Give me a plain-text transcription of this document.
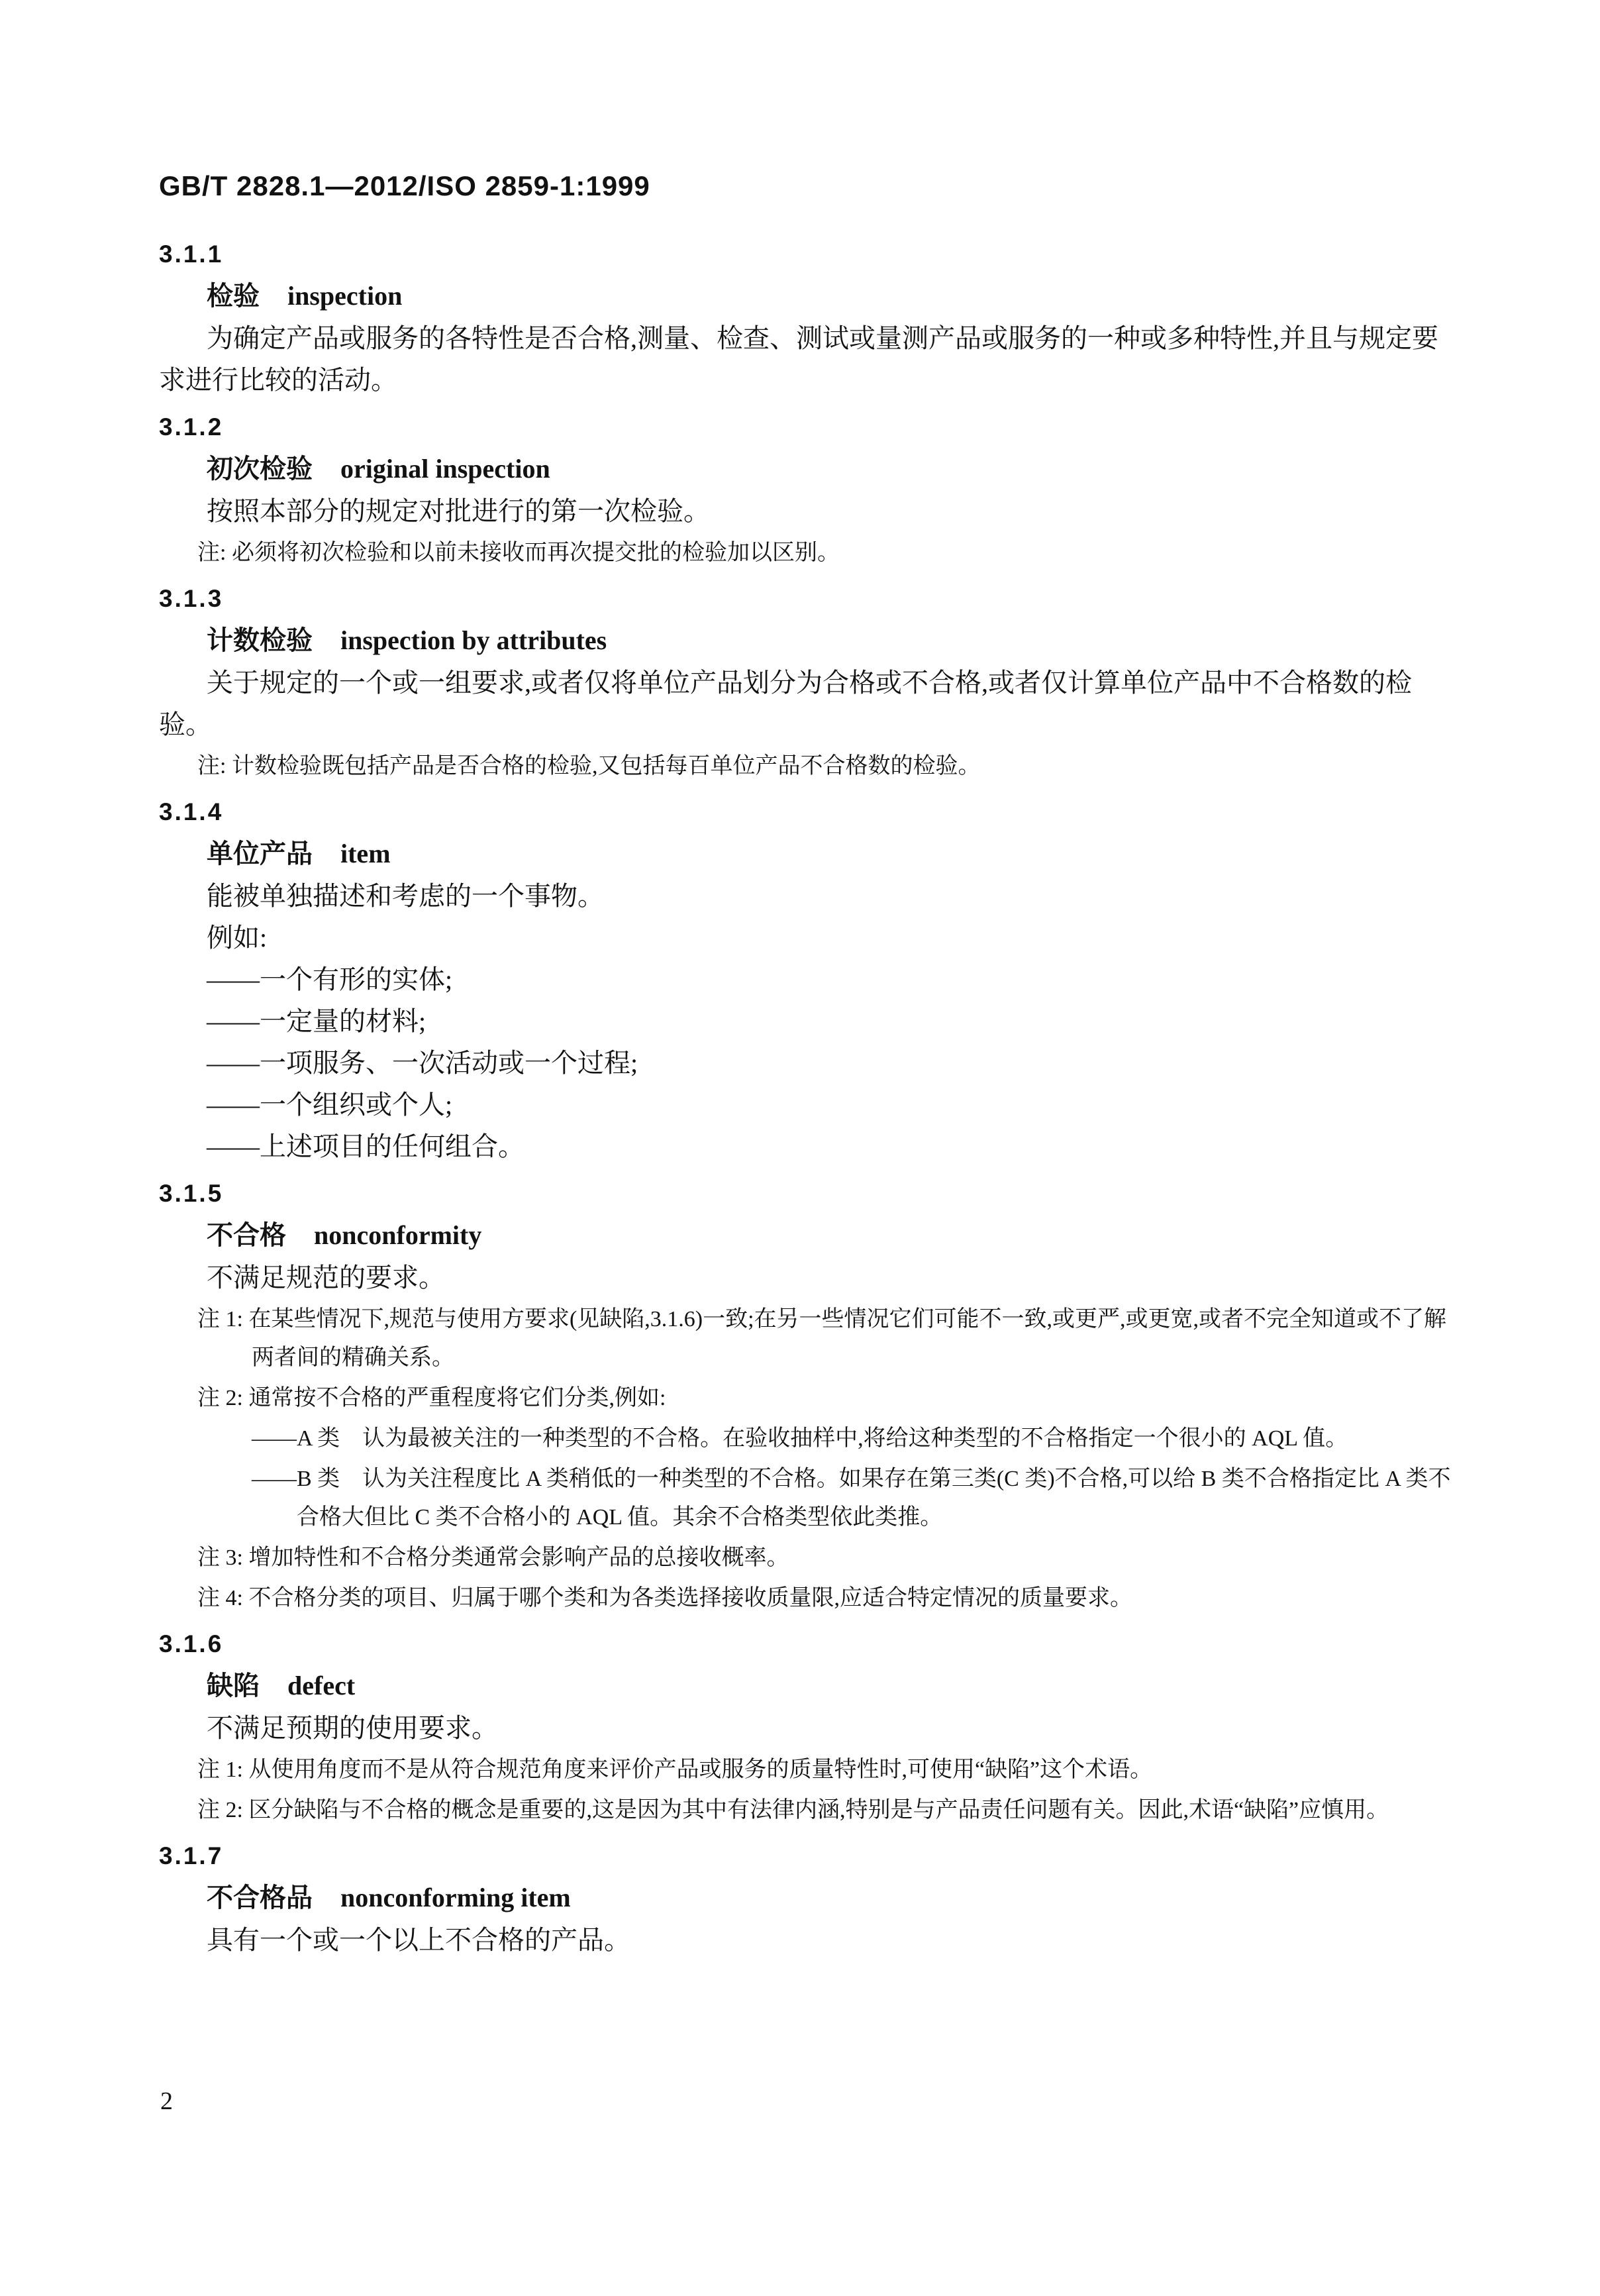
GB/T 2828.1—2012/ISO 2859-1:1999
3.1.1
检验 inspection

为确定产品或服务的各特性是否合格,测量、检查、测试或量测产品或服务的一种或多种特性,并且与规定要求进行比较的活动。

3.1.2
初次检验 original inspection

按照本部分的规定对批进行的第一次检验。

注: 必须将初次检验和以前未接收而再次提交批的检验加以区别。

3.1.3
计数检验 inspection by attributes

关于规定的一个或一组要求,或者仅将单位产品划分为合格或不合格,或者仅计算单位产品中不合格数的检验。

注: 计数检验既包括产品是否合格的检验,又包括每百单位产品不合格数的检验。

3.1.4
单位产品 item

能被单独描述和考虑的一个事物。

例如:

——一个有形的实体;

——一定量的材料;

——一项服务、一次活动或一个过程;

——一个组织或个人;

——上述项目的任何组合。

3.1.5
不合格 nonconformity

不满足规范的要求。

注 1: 在某些情况下,规范与使用方要求(见缺陷,3.1.6)一致;在另一些情况它们可能不一致,或更严,或更宽,或者不完全知道或不了解两者间的精确关系。

注 2: 通常按不合格的严重程度将它们分类,例如:

——A 类　认为最被关注的一种类型的不合格。在验收抽样中,将给这种类型的不合格指定一个很小的 AQL 值。

——B 类　认为关注程度比 A 类稍低的一种类型的不合格。如果存在第三类(C 类)不合格,可以给 B 类不合格指定比 A 类不合格大但比 C 类不合格小的 AQL 值。其余不合格类型依此类推。

注 3: 增加特性和不合格分类通常会影响产品的总接收概率。

注 4: 不合格分类的项目、归属于哪个类和为各类选择接收质量限,应适合特定情况的质量要求。

3.1.6
缺陷 defect

不满足预期的使用要求。

注 1: 从使用角度而不是从符合规范角度来评价产品或服务的质量特性时,可使用“缺陷”这个术语。

注 2: 区分缺陷与不合格的概念是重要的,这是因为其中有法律内涵,特别是与产品责任问题有关。因此,术语“缺陷”应慎用。

3.1.7
不合格品 nonconforming item

具有一个或一个以上不合格的产品。

2
